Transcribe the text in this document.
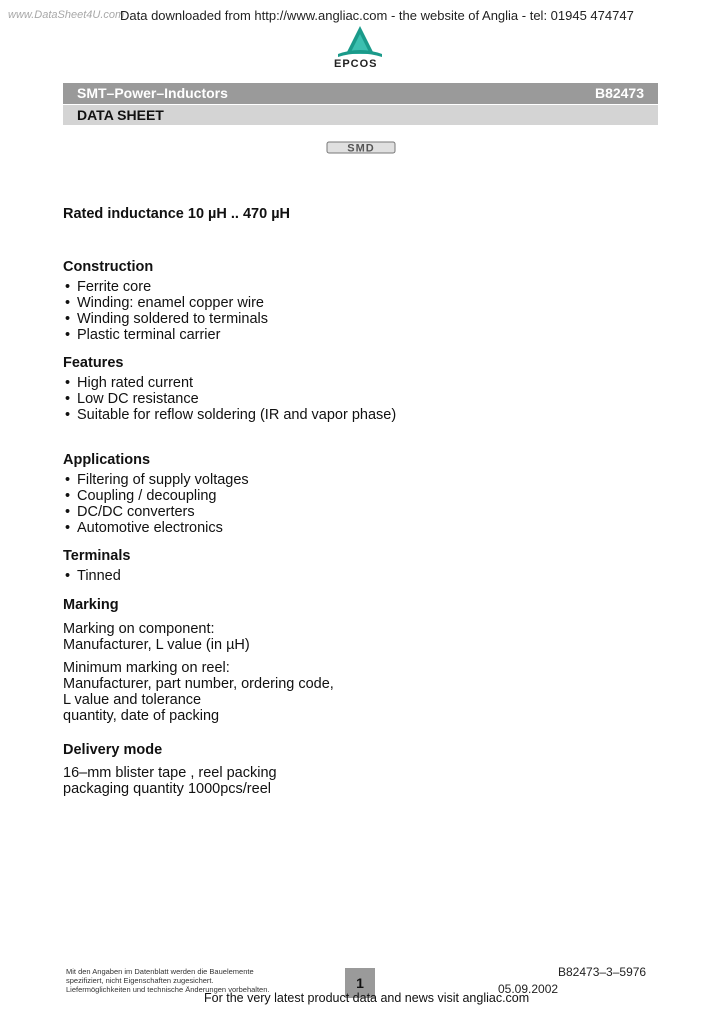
www.DataSheet4U.com
Data downloaded from http://www.angliac.com - the website of Anglia - tel: 01945 474747
EPCOS
SMT–Power–Inductors	B82473
DATA SHEET
SMD
Rated inductance 10 µH .. 470 µH
Construction
• Ferrite core
• Winding: enamel copper wire
• Winding soldered to terminals
• Plastic terminal carrier
Features
• High rated current
• Low DC resistance
• Suitable for reflow soldering (IR and vapor phase)
Applications
• Filtering of supply voltages
• Coupling / decoupling
• DC/DC converters
• Automotive electronics
Terminals
• Tinned
Marking
Marking on component:
Manufacturer, L value (in µH)
Minimum marking on reel:
Manufacturer, part number, ordering code,
L value and tolerance
quantity, date of packing
Delivery mode
16–mm blister tape , reel packing
packaging quantity 1000pcs/reel
Mit den Angaben im Datenblatt werden die Bauelemente
spezifiziert, nicht Eigenschaften zugesichert.
Liefermöglichkeiten und technische Änderungen vorbehalten.	1
B82473–3–5976
05.09.2002
For the very latest product data and news visit angliac.com
